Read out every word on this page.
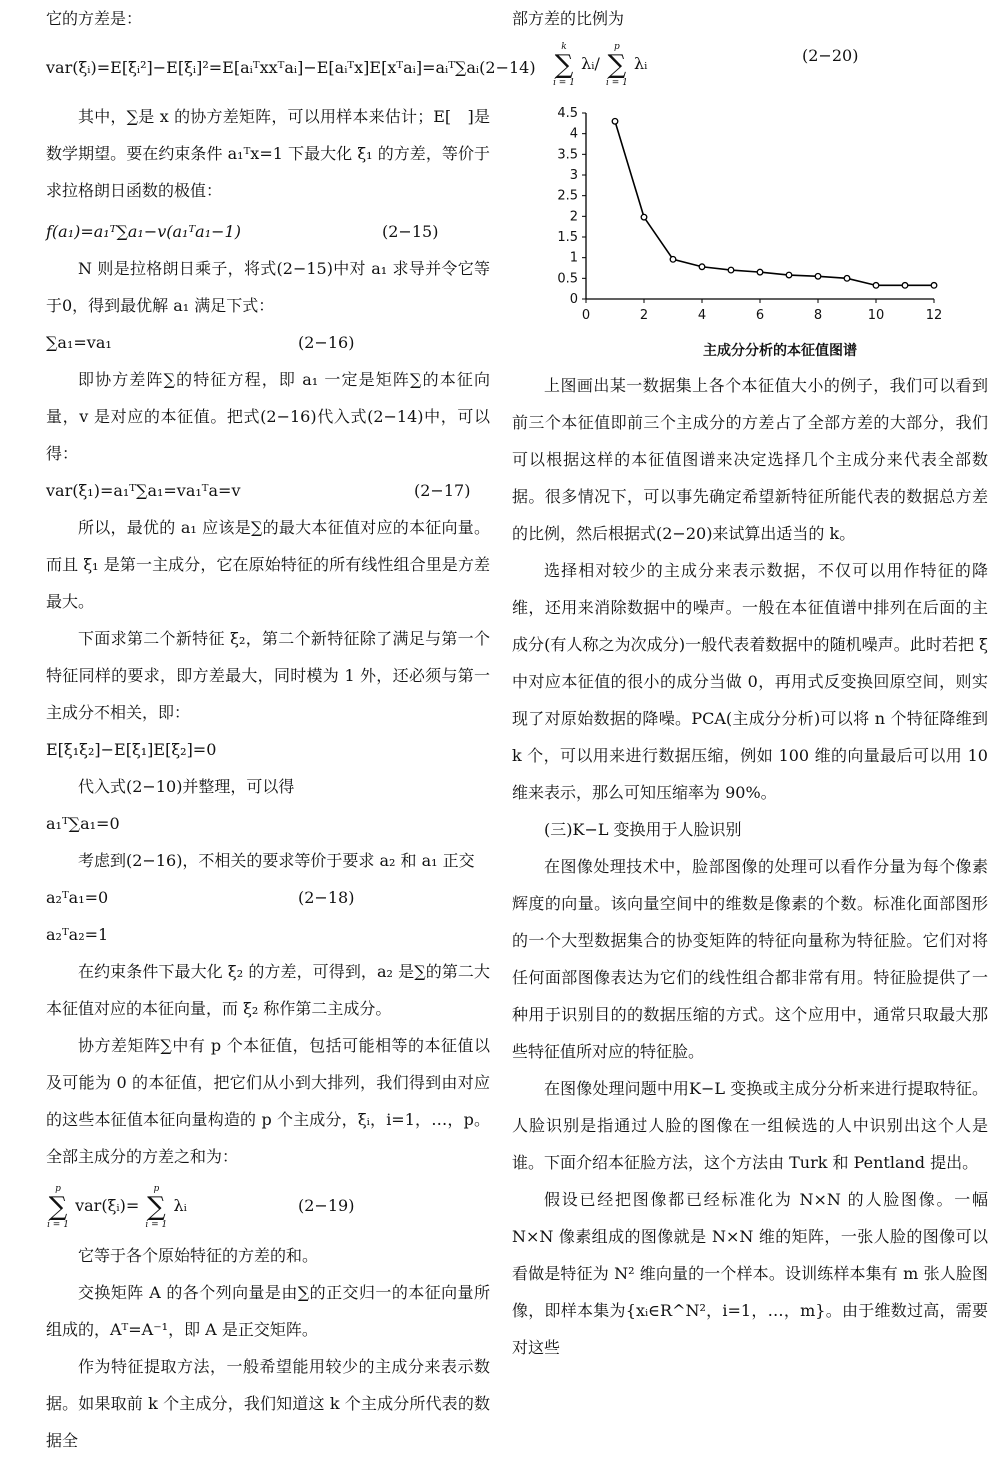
它的方差是：

var(ξᵢ)=E[ξᵢ²]−E[ξᵢ]²=E[aᵢᵀxxᵀaᵢ]−E[aᵢᵀx]E[xᵀaᵢ]=aᵢᵀ∑aᵢ(2−14)

其中，∑是 x 的协方差矩阵，可以用样本来估计；E[　]是数学期望。要在约束条件 a₁ᵀx=1 下最大化 ξ₁ 的方差，等价于求拉格朗日函数的极值：

f(a₁)=a₁ᵀ∑a₁−v(a₁ᵀa₁−1)	(2−15)

N 则是拉格朗日乘子，将式(2−15)中对 a₁ 求导并令它等于0，得到最优解 a₁ 满足下式：

∑a₁=va₁	(2−16)

即协方差阵∑的特征方程，即 a₁ 一定是矩阵∑的本征向量，v 是对应的本征值。把式(2−16)代入式(2−14)中，可以得：

var(ξ₁)=a₁ᵀ∑a₁=va₁ᵀa=v	(2−17)

所以，最优的 a₁ 应该是∑的最大本征值对应的本征向量。而且 ξ₁ 是第一主成分，它在原始特征的所有线性组合里是方差最大。

下面求第二个新特征 ξ₂，第二个新特征除了满足与第一个特征同样的要求，即方差最大，同时模为 1 外，还必须与第一主成分不相关，即：

E[ξ₁ξ₂]−E[ξ₁]E[ξ₂]=0

代入式(2−10)并整理，可以得

a₁ᵀ∑a₁=0

考虑到(2−16)，不相关的要求等价于要求 a₂ 和 a₁ 正交

a₂ᵀa₁=0	(2−18)
a₂ᵀa₂=1

在约束条件下最大化 ξ₂ 的方差，可得到，a₂ 是∑的第二大本征值对应的本征向量，而 ξ₂ 称作第二主成分。

协方差矩阵∑中有 p 个本征值，包括可能相等的本征值以及可能为 0 的本征值，把它们从小到大排列，我们得到由对应的这些本征值本征向量构造的 p 个主成分，ξᵢ，i=1，…，p。全部主成分的方差之和为：

p
∑
i = 1
var(ξᵢ)=
p
∑
i = 1
λᵢ	(2−19)

它等于各个原始特征的方差的和。

交换矩阵 A 的各个列向量是由∑的正交归一的本征向量所组成的，Aᵀ=A⁻¹，即 A 是正交矩阵。

作为特征提取方法，一般希望能用较少的主成分来表示数据。如果取前 k 个主成分，我们知道这 k 个主成分所代表的数据全

部方差的比例为

k
∑
i = 1
λᵢ/
p
∑
i = 1
λᵢ	(2−20)
0	2	4	6	8	10	12
0
0.5
1
1.5
2
2.5
3
3.5
4
4.5
主成分分析的本征值图谱

上图画出某一数据集上各个本征值大小的例子，我们可以看到前三个本征值即前三个主成分的方差占了全部方差的大部分，我们可以根据这样的本征值图谱来决定选择几个主成分来代表全部数据。很多情况下，可以事先确定希望新特征所能代表的数据总方差的比例，然后根据式(2−20)来试算出适当的 k。

选择相对较少的主成分来表示数据，不仅可以用作特征的降维，还用来消除数据中的噪声。一般在本征值谱中排列在后面的主成分(有人称之为次成分)一般代表着数据中的随机噪声。此时若把 ξ 中对应本征值的很小的成分当做 0，再用式反变换回原空间，则实现了对原始数据的降噪。PCA(主成分分析)可以将 n 个特征降维到 k 个，可以用来进行数据压缩，例如 100 维的向量最后可以用 10 维来表示，那么可知压缩率为 90%。

(三)K−L 变换用于人脸识别

在图像处理技术中，脸部图像的处理可以看作分量为每个像素辉度的向量。该向量空间中的维数是像素的个数。标准化面部图形的一个大型数据集合的协变矩阵的特征向量称为特征脸。它们对将任何面部图像表达为它们的线性组合都非常有用。特征脸提供了一种用于识别目的的数据压缩的方式。这个应用中，通常只取最大那些特征值所对应的特征脸。

在图像处理问题中用K−L 变换或主成分分析来进行提取特征。人脸识别是指通过人脸的图像在一组候选的人中识别出这个人是谁。下面介绍本征脸方法，这个方法由 Turk 和 Pentland 提出。

假设已经把图像都已经标准化为 N×N 的人脸图像。一幅 N×N 像素组成的图像就是 N×N 维的矩阵，一张人脸的图像可以看做是特征为 N² 维向量的一个样本。设训练样本集有 m 张人脸图像，即样本集为{xᵢ∈R^N²，i=1，…，m}。由于维数过高，需要对这些
